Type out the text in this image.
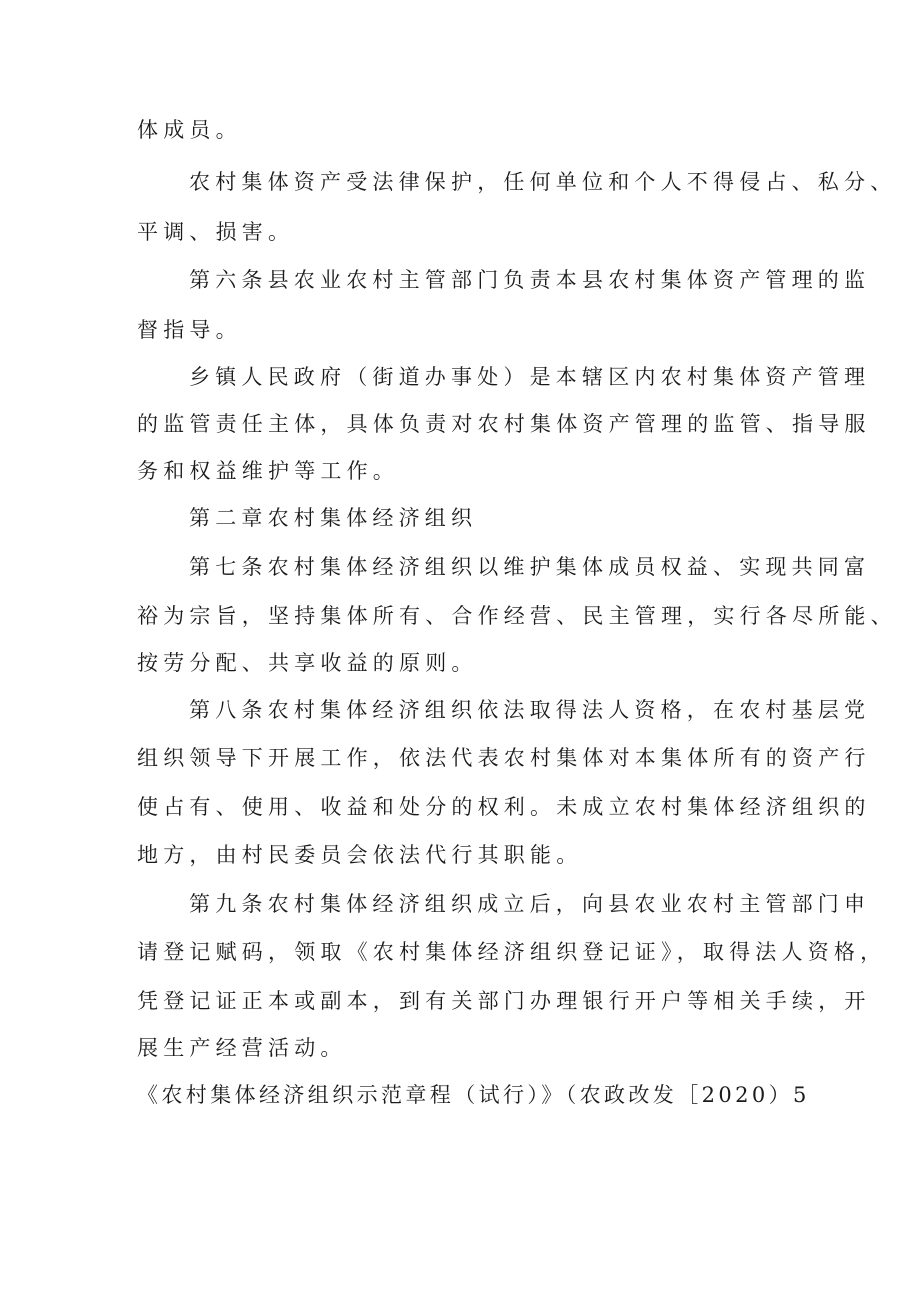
体成员。
农村集体资产受法律保护，任何单位和个人不得侵占、私分、
平调、损害。
第六条县农业农村主管部门负责本县农村集体资产管理的监
督指导。
乡镇人民政府（街道办事处）是本辖区内农村集体资产管理
的监管责任主体，具体负责对农村集体资产管理的监管、指导服
务和权益维护等工作。
第二章农村集体经济组织
第七条农村集体经济组织以维护集体成员权益、实现共同富
裕为宗旨，坚持集体所有、合作经营、民主管理，实行各尽所能、
按劳分配、共享收益的原则。
第八条农村集体经济组织依法取得法人资格，在农村基层党
组织领导下开展工作，依法代表农村集体对本集体所有的资产行
使占有、使用、收益和处分的权利。未成立农村集体经济组织的
地方，由村民委员会依法代行其职能。
第九条农村集体经济组织成立后，向县农业农村主管部门申
请登记赋码，领取《农村集体经济组织登记证》，取得法人资格，
凭登记证正本或副本，到有关部门办理银行开户等相关手续，开
展生产经营活动。
《农村集体经济组织示范章程（试行）》（农政改发［2020）5
